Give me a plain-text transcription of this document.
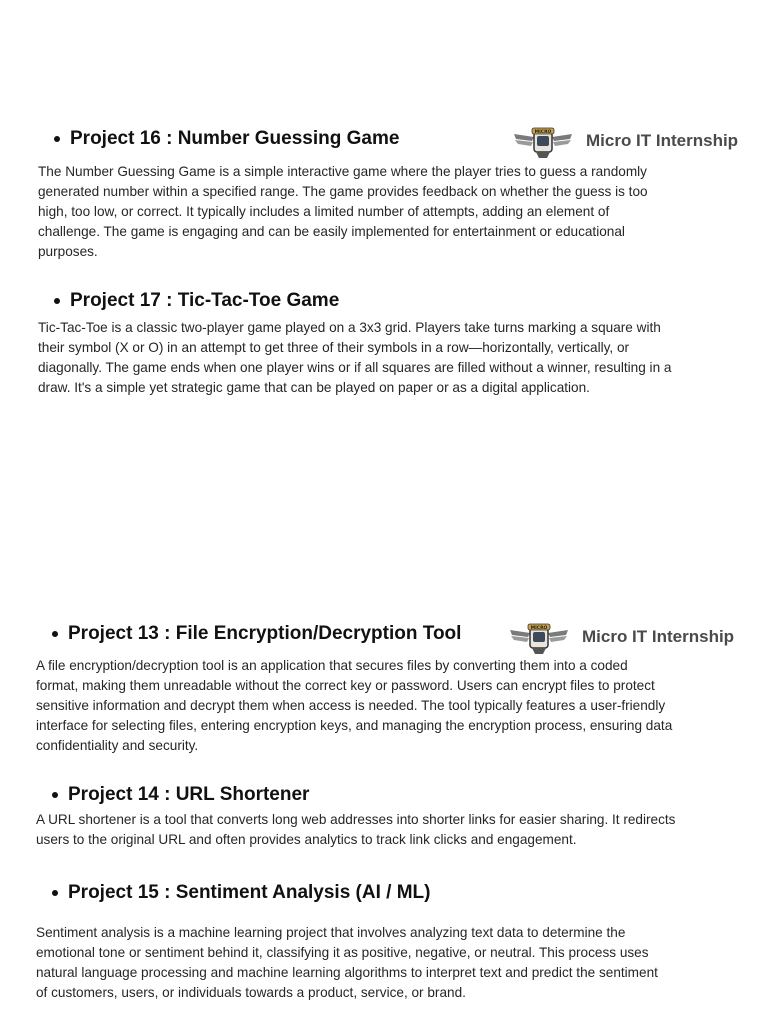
MICRO Micro IT Internship
Project 16 : Number Guessing Game

The Number Guessing Game is a simple interactive game where the player tries to guess a randomly
generated number within a specified range. The game provides feedback on whether the guess is too
high, too low, or correct. It typically includes a limited number of attempts, adding an element of
challenge. The game is engaging and can be easily implemented for entertainment or educational
purposes.

Project 17 : Tic-Tac-Toe Game

Tic-Tac-Toe is a classic two-player game played on a 3x3 grid. Players take turns marking a square with
their symbol (X or O) in an attempt to get three of their symbols in a row—horizontally, vertically, or
diagonally. The game ends when one player wins or if all squares are filled without a winner, resulting in a
draw. It's a simple yet strategic game that can be played on paper or as a digital application.

MICRO Micro IT Internship
Project 13 : File Encryption/Decryption Tool

A file encryption/decryption tool is an application that secures files by converting them into a coded
format, making them unreadable without the correct key or password. Users can encrypt files to protect
sensitive information and decrypt them when access is needed. The tool typically features a user-friendly
interface for selecting files, entering encryption keys, and managing the encryption process, ensuring data
confidentiality and security.

Project 14 : URL Shortener

A URL shortener is a tool that converts long web addresses into shorter links for easier sharing. It redirects
users to the original URL and often provides analytics to track link clicks and engagement.

Project 15 : Sentiment Analysis (AI / ML)

Sentiment analysis is a machine learning project that involves analyzing text data to determine the
emotional tone or sentiment behind it, classifying it as positive, negative, or neutral. This process uses
natural language processing and machine learning algorithms to interpret text and predict the sentiment
of customers, users, or individuals towards a product, service, or brand.
